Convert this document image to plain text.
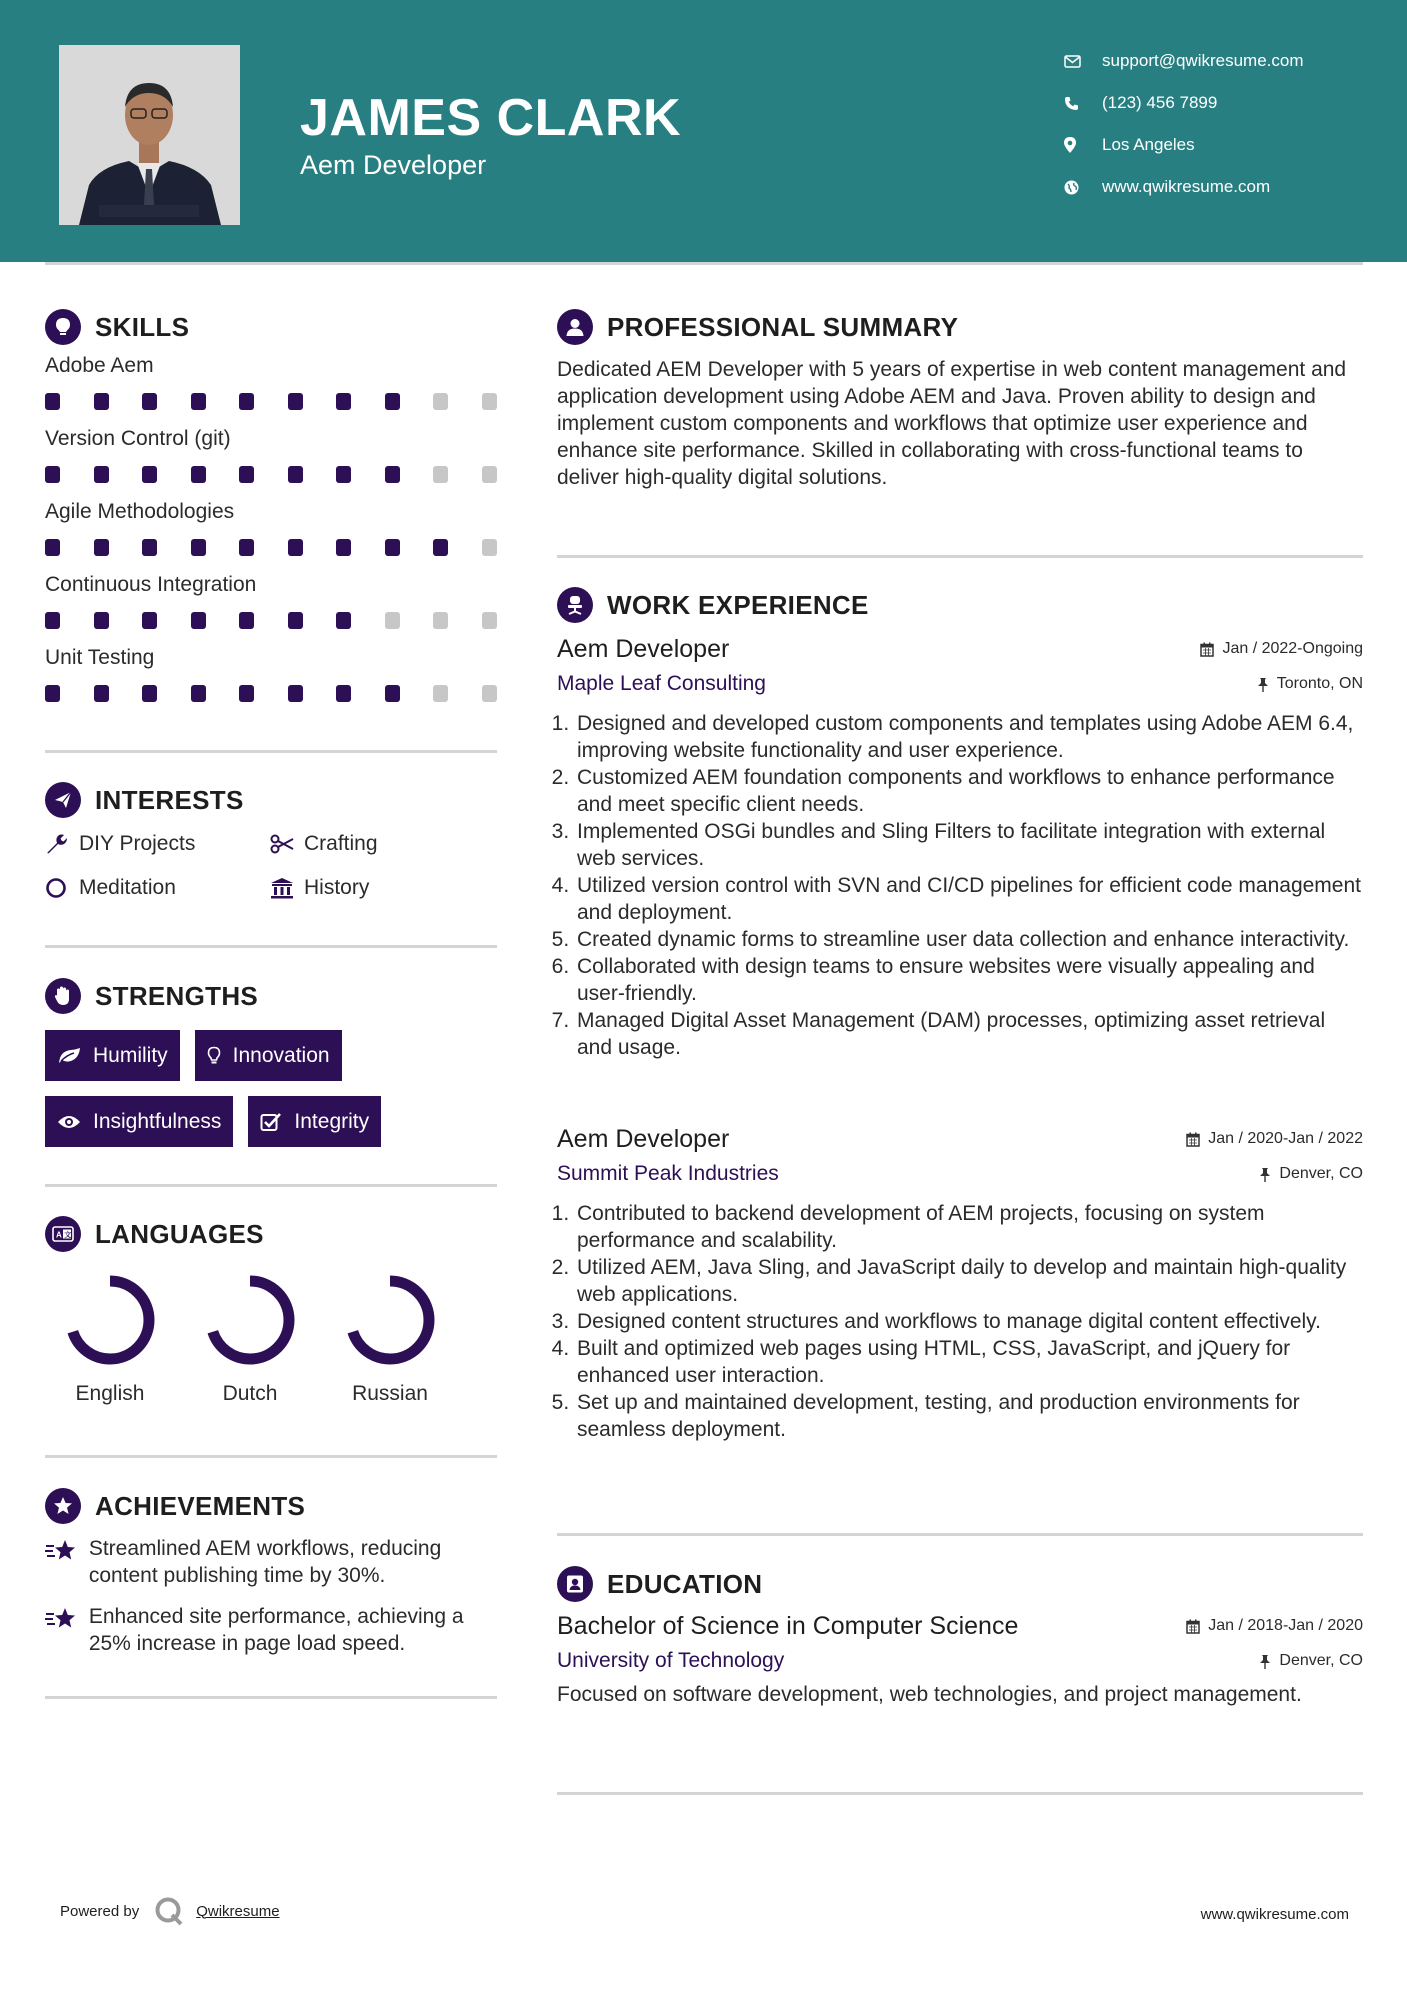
JAMES CLARK
Aem Developer
support@qwikresume.com
(123) 456 7899
Los Angeles
www.qwikresume.com
SKILLS
Adobe Aem
Version Control (git)
Agile Methodologies
Continuous Integration
Unit Testing
INTERESTS
DIY Projects	Crafting
Meditation	History
STRENGTHS
Humility	Innovation
Insightfulness	Integrity
A 文 LANGUAGES
English	Dutch	Russian
ACHIEVEMENTS
Streamlined AEM workflows, reducing content publishing time by 30%.
Enhanced site performance, achieving a 25% increase in page load speed.
PROFESSIONAL SUMMARY
Dedicated AEM Developer with 5 years of expertise in web content management and application development using Adobe AEM and Java. Proven ability to design and implement custom components and workflows that optimize user experience and enhance site performance. Skilled in collaborating with cross-functional teams to deliver high-quality digital solutions.
WORK EXPERIENCE
Aem Developer	Jan / 2022-Ongoing
Maple Leaf Consulting	Toronto, ON
1. Designed and developed custom components and templates using Adobe AEM 6.4, improving website functionality and user experience.
2. Customized AEM foundation components and workflows to enhance performance and meet specific client needs.
3. Implemented OSGi bundles and Sling Filters to facilitate integration with external web services.
4. Utilized version control with SVN and CI/CD pipelines for efficient code management and deployment.
5. Created dynamic forms to streamline user data collection and enhance interactivity.
6. Collaborated with design teams to ensure websites were visually appealing and user-friendly.
7. Managed Digital Asset Management (DAM) processes, optimizing asset retrieval and usage.
Aem Developer	Jan / 2020-Jan / 2022
Summit Peak Industries	Denver, CO
1. Contributed to backend development of AEM projects, focusing on system performance and scalability.
2. Utilized AEM, Java Sling, and JavaScript daily to develop and maintain high-quality web applications.
3. Designed content structures and workflows to manage digital content effectively.
4. Built and optimized web pages using HTML, CSS, JavaScript, and jQuery for enhanced user interaction.
5. Set up and maintained development, testing, and production environments for seamless deployment.
EDUCATION
Bachelor of Science in Computer Science	Jan / 2018-Jan / 2020
University of Technology	Denver, CO
Focused on software development, web technologies, and project management.
Powered by	Qwikresume	www.qwikresume.com
